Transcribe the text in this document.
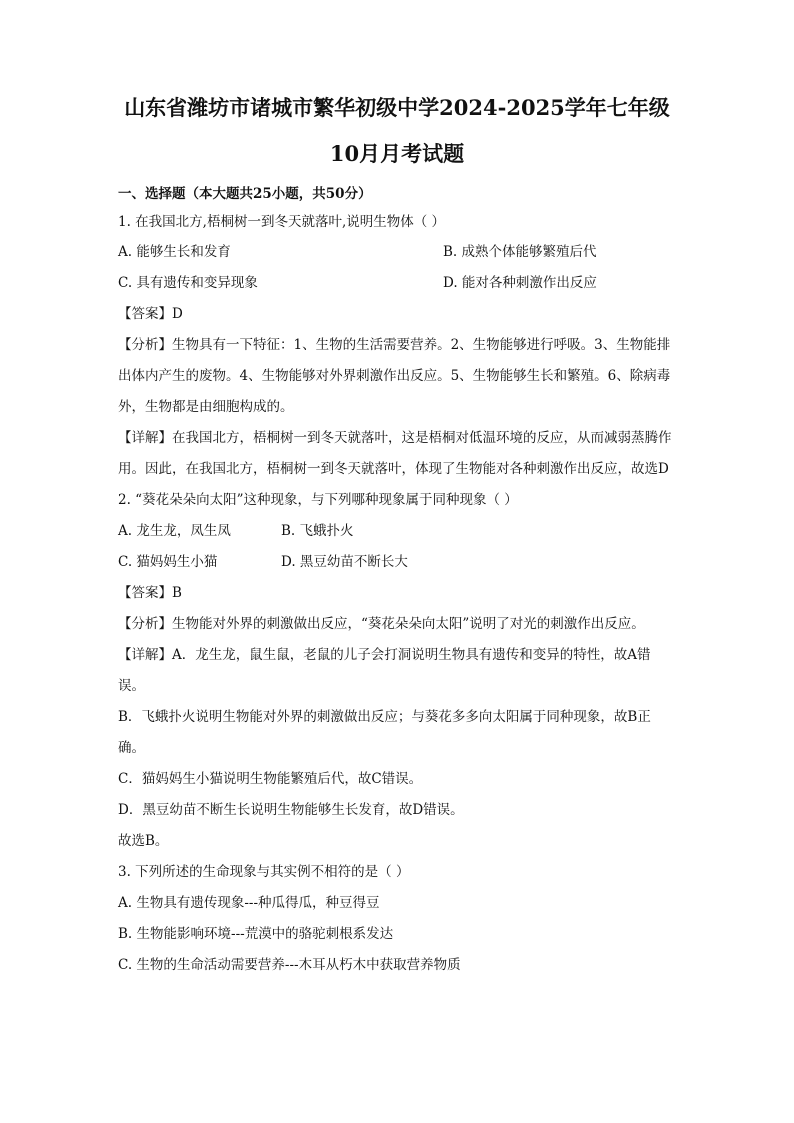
山东省潍坊市诸城市繁华初级中学2024-2025学年七年级
10月月考试题
一、选择题（本大题共25小题，共50分）
1. 在我国北方,梧桐树一到冬天就落叶,说明生物体（ ）
A. 能够生长和发育	B. 成熟个体能够繁殖后代
C. 具有遗传和变异现象	D. 能对各种刺激作出反应
【答案】D
【分析】生物具有一下特征：1、生物的生活需要营养。2、生物能够进行呼吸。3、生物能排出体内产生的废物。4、生物能够对外界刺激作出反应。5、生物能够生长和繁殖。6、除病毒外，生物都是由细胞构成的。
【详解】在我国北方，梧桐树一到冬天就落叶，这是梧桐对低温环境的反应，从而减弱蒸腾作用。因此，在我国北方，梧桐树一到冬天就落叶，体现了生物能对各种刺激作出反应，故选D
2. “葵花朵朵向太阳”这种现象，与下列哪种现象属于同种现象（ ）
A. 龙生龙，凤生凤	B. 飞蛾扑火
C. 猫妈妈生小猫	D. 黑豆幼苗不断长大
【答案】B
【分析】生物能对外界的刺激做出反应，“葵花朵朵向太阳”说明了对光的刺激作出反应。
【详解】A．龙生龙，鼠生鼠，老鼠的儿子会打洞说明生物具有遗传和变异的特性，故A错误。
B．飞蛾扑火说明生物能对外界的刺激做出反应；与葵花多多向太阳属于同种现象，故B正确。
C．猫妈妈生小猫说明生物能繁殖后代，故C错误。
D．黑豆幼苗不断生长说明生物能够生长发育，故D错误。
故选B。
3. 下列所述的生命现象与其实例不相符的是（ ）
A. 生物具有遗传现象---种瓜得瓜，种豆得豆
B. 生物能影响环境---荒漠中的骆驼刺根系发达
C. 生物的生命活动需要营养---木耳从朽木中获取营养物质
